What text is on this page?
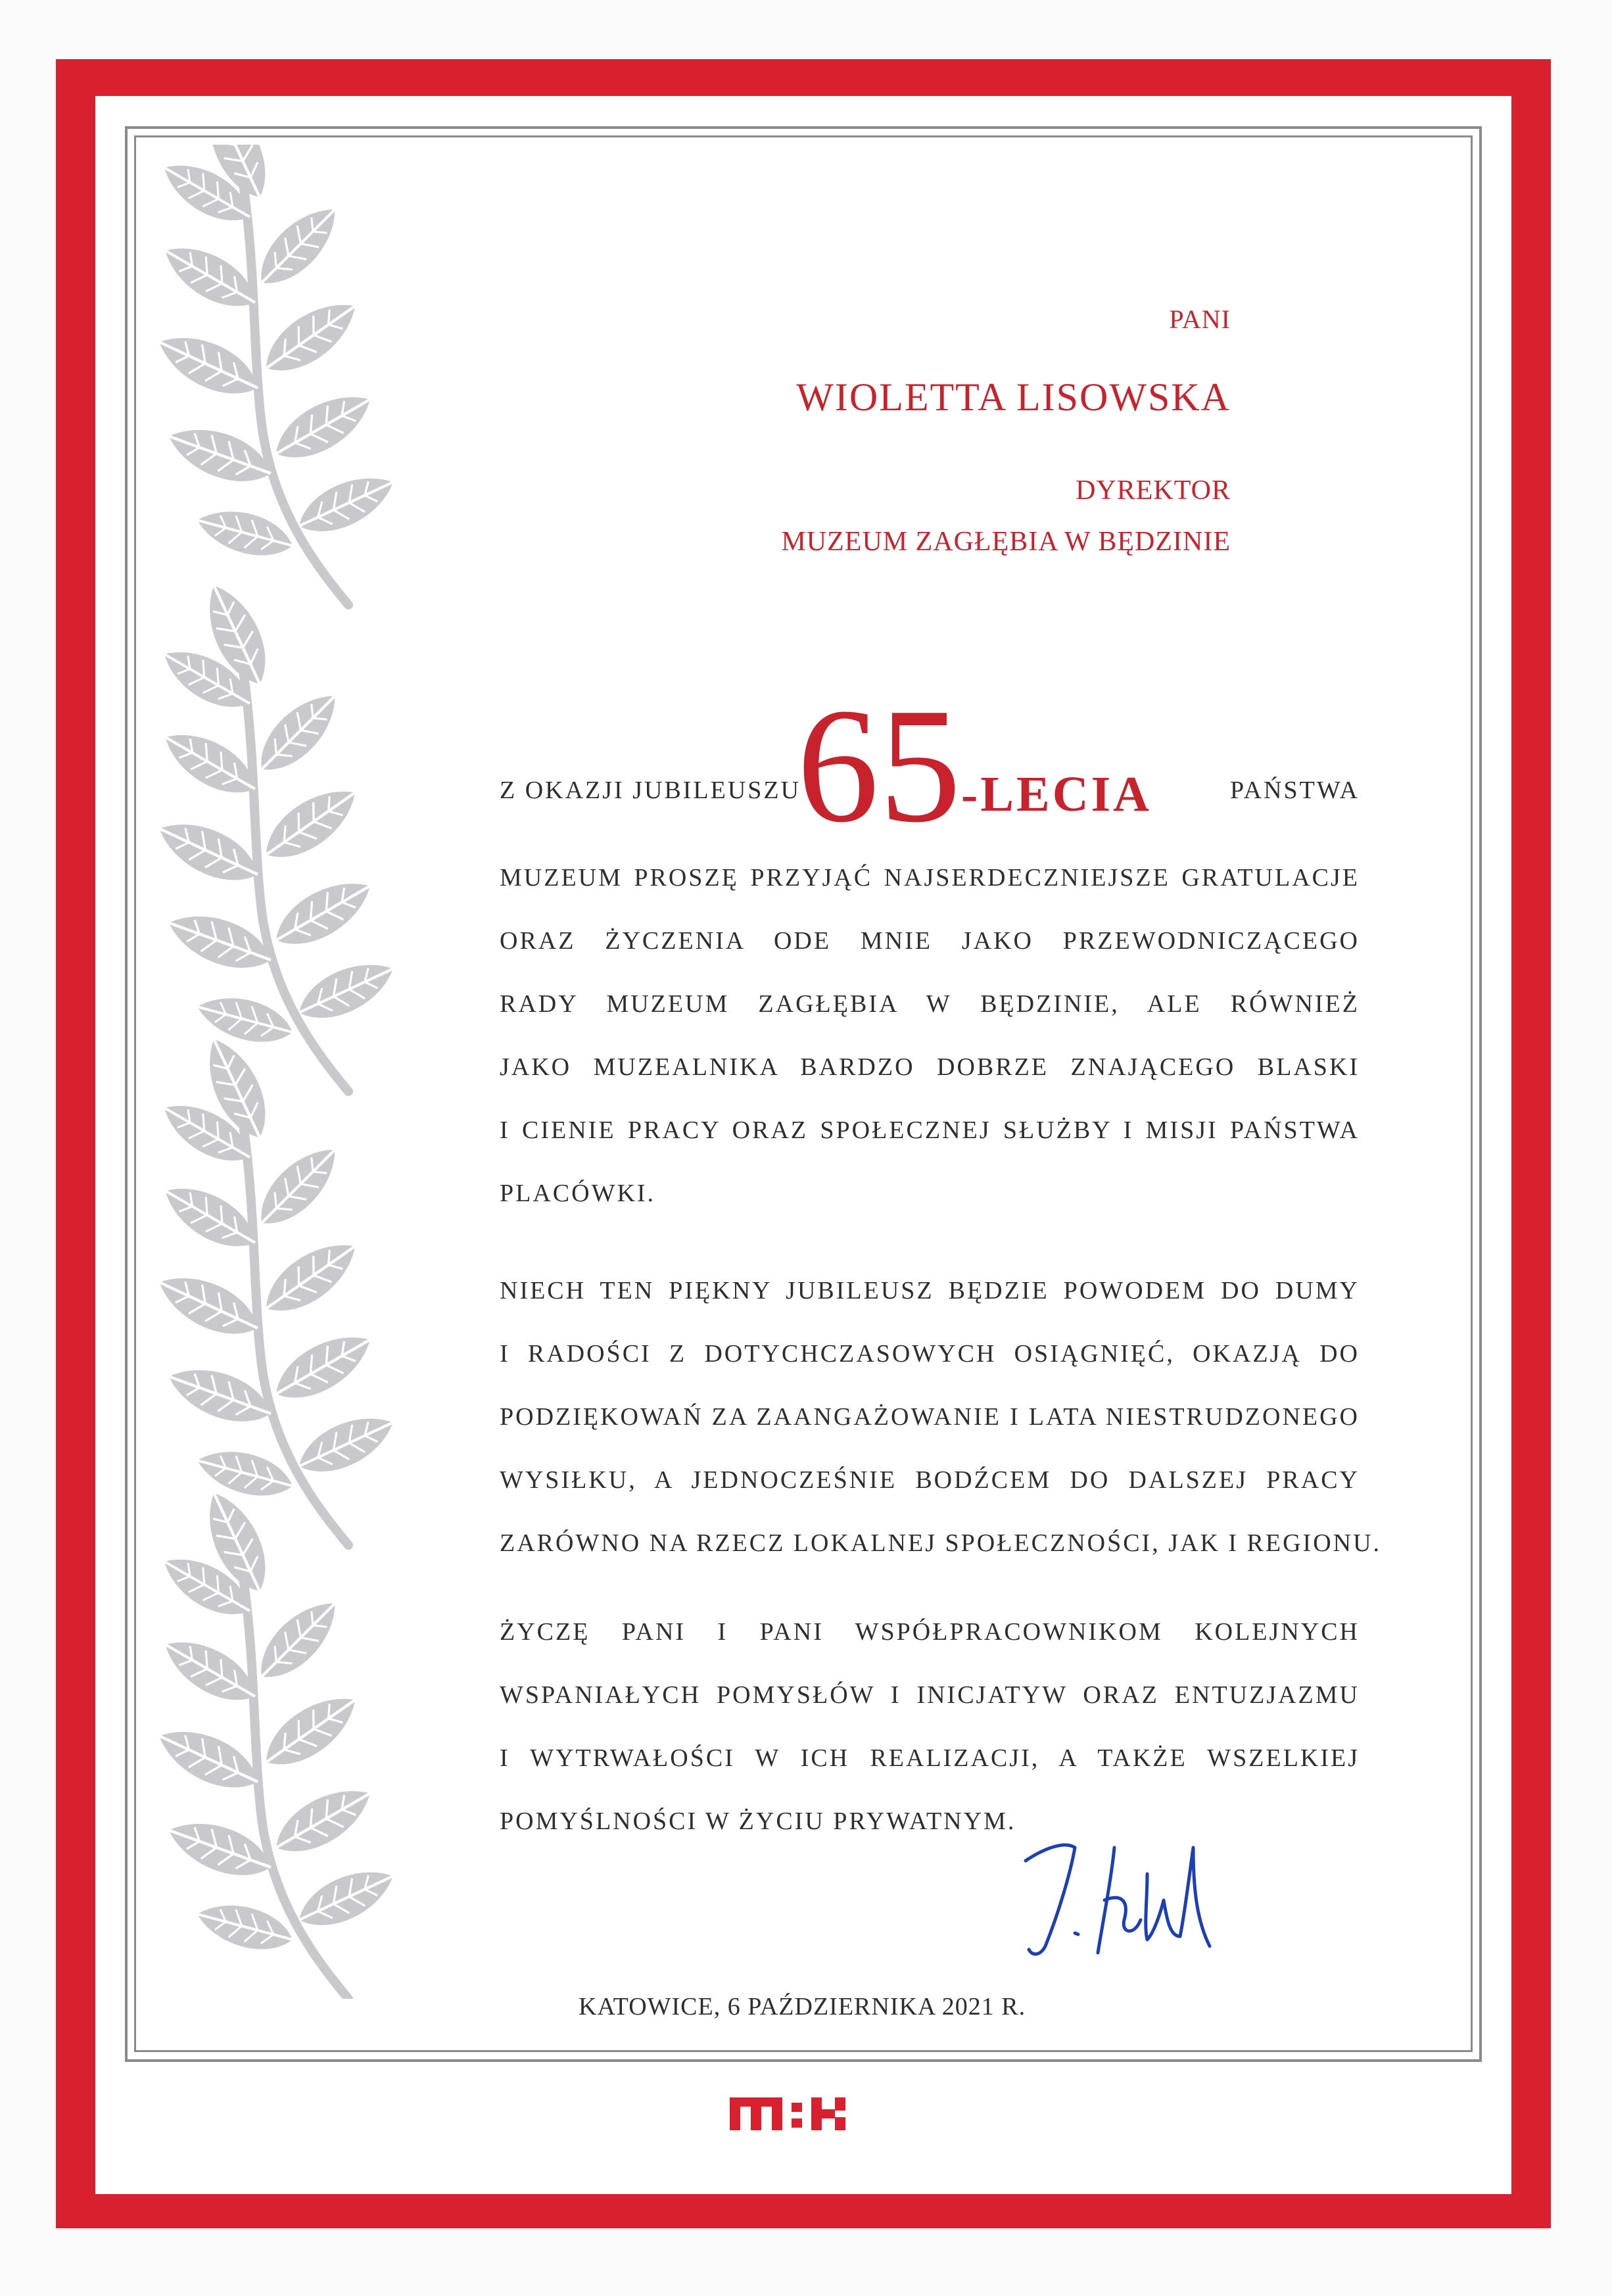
PANI

WIOLETTA LISOWSKA

DYREKTOR

MUZEUM ZAGŁĘBIA W BĘDZINIE

Z OKAZJI JUBILEUSZU
65 -LECIA	PAŃSTWA
MUZEUM PROSZĘ PRZYJĄĆ NAJSERDECZNIEJSZE GRATULACJE
ORAZ ŻYCZENIA ODE MNIE JAKO PRZEWODNICZĄCEGO
RADY MUZEUM ZAGŁĘBIA W BĘDZINIE, ALE RÓWNIEŻ
JAKO MUZEALNIKA BARDZO DOBRZE ZNAJĄCEGO BLASKI
I CIENIE PRACY ORAZ SPOŁECZNEJ SŁUŻBY I MISJI PAŃSTWA
PLACÓWKI.
NIECH TEN PIĘKNY JUBILEUSZ BĘDZIE POWODEM DO DUMY
I RADOŚCI Z DOTYCHCZASOWYCH OSIĄGNIĘĆ, OKAZJĄ DO
PODZIĘKOWAŃ ZA ZAANGAŻOWANIE I LATA NIESTRUDZONEGO
WYSIŁKU, A JEDNOCZEŚNIE BODŹCEM DO DALSZEJ PRACY
ZARÓWNO NA RZECZ LOKALNEJ SPOŁECZNOŚCI, JAK I REGIONU.
ŻYCZĘ PANI I PANI WSPÓŁPRACOWNIKOM KOLEJNYCH
WSPANIAŁYCH POMYSŁÓW I INICJATYW ORAZ ENTUZJAZMU
I WYTRWAŁOŚCI W ICH REALIZACJI, A TAKŻE WSZELKIEJ
POMYŚLNOŚCI W ŻYCIU PRYWATNYM.

KATOWICE, 6 PAŹDZIERNIKA 2021 R.
